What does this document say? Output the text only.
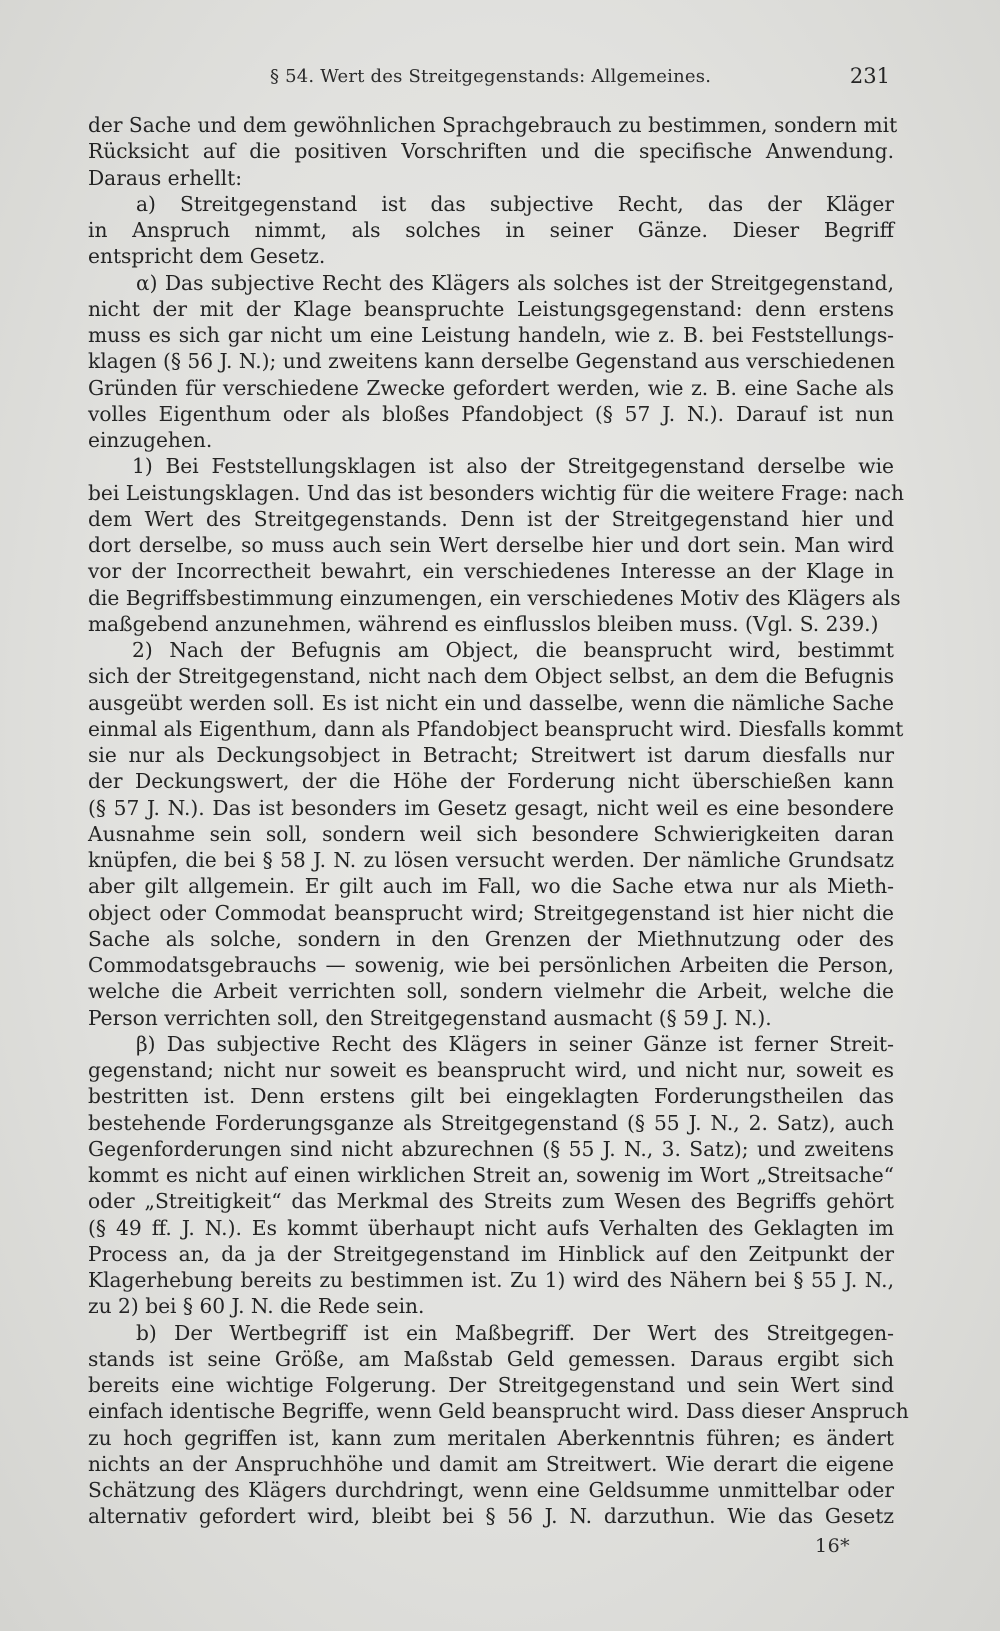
§ 54. Wert des Streitgegenstands: Allgemeines.	231
der Sache und dem gewöhnlichen Sprachgebrauch zu bestimmen, sondern mit
Rücksicht auf die positiven Vorschriften und die specifische Anwendung.
Daraus erhellt:
a) Streitgegenstand ist das subjective Recht, das der Kläger
in Anspruch nimmt, als solches in seiner Gänze. Dieser Begriff
entspricht dem Gesetz.
α) Das subjective Recht des Klägers als solches ist der Streitgegenstand,
nicht der mit der Klage beanspruchte Leistungsgegenstand: denn erstens
muss es sich gar nicht um eine Leistung handeln, wie z. B. bei Feststellungs-
klagen (§ 56 J. N.); und zweitens kann derselbe Gegenstand aus verschiedenen
Gründen für verschiedene Zwecke gefordert werden, wie z. B. eine Sache als
volles Eigenthum oder als bloßes Pfandobject (§ 57 J. N.). Darauf ist nun
einzugehen.
1) Bei Feststellungsklagen ist also der Streitgegenstand derselbe wie
bei Leistungsklagen. Und das ist besonders wichtig für die weitere Frage: nach
dem Wert des Streitgegenstands. Denn ist der Streitgegenstand hier und
dort derselbe, so muss auch sein Wert derselbe hier und dort sein. Man wird
vor der Incorrectheit bewahrt, ein verschiedenes Interesse an der Klage in
die Begriffsbestimmung einzumengen, ein verschiedenes Motiv des Klägers als
maßgebend anzunehmen, während es einflusslos bleiben muss. (Vgl. S. 239.)
2) Nach der Befugnis am Object, die beansprucht wird, bestimmt
sich der Streitgegenstand, nicht nach dem Object selbst, an dem die Befugnis
ausgeübt werden soll. Es ist nicht ein und dasselbe, wenn die nämliche Sache
einmal als Eigenthum, dann als Pfandobject beansprucht wird. Diesfalls kommt
sie nur als Deckungsobject in Betracht; Streitwert ist darum diesfalls nur
der Deckungswert, der die Höhe der Forderung nicht überschießen kann
(§ 57 J. N.). Das ist besonders im Gesetz gesagt, nicht weil es eine besondere
Ausnahme sein soll, sondern weil sich besondere Schwierigkeiten daran
knüpfen, die bei § 58 J. N. zu lösen versucht werden. Der nämliche Grundsatz
aber gilt allgemein. Er gilt auch im Fall, wo die Sache etwa nur als Mieth-
object oder Commodat beansprucht wird; Streitgegenstand ist hier nicht die
Sache als solche, sondern in den Grenzen der Miethnutzung oder des
Commodatsgebrauchs — sowenig, wie bei persönlichen Arbeiten die Person,
welche die Arbeit verrichten soll, sondern vielmehr die Arbeit, welche die
Person verrichten soll, den Streitgegenstand ausmacht (§ 59 J. N.).
β) Das subjective Recht des Klägers in seiner Gänze ist ferner Streit-
gegenstand; nicht nur soweit es beansprucht wird, und nicht nur, soweit es
bestritten ist. Denn erstens gilt bei eingeklagten Forderungstheilen das
bestehende Forderungsganze als Streitgegenstand (§ 55 J. N., 2. Satz), auch
Gegenforderungen sind nicht abzurechnen (§ 55 J. N., 3. Satz); und zweitens
kommt es nicht auf einen wirklichen Streit an, sowenig im Wort „Streitsache“
oder „Streitigkeit“ das Merkmal des Streits zum Wesen des Begriffs gehört
(§ 49 ff. J. N.). Es kommt überhaupt nicht aufs Verhalten des Geklagten im
Process an, da ja der Streitgegenstand im Hinblick auf den Zeitpunkt der
Klagerhebung bereits zu bestimmen ist. Zu 1) wird des Nähern bei § 55 J. N.,
zu 2) bei § 60 J. N. die Rede sein.
b) Der Wertbegriff ist ein Maßbegriff. Der Wert des Streitgegen-
stands ist seine Größe, am Maßstab Geld gemessen. Daraus ergibt sich
bereits eine wichtige Folgerung. Der Streitgegenstand und sein Wert sind
einfach identische Begriffe, wenn Geld beansprucht wird. Dass dieser Anspruch
zu hoch gegriffen ist, kann zum meritalen Aberkenntnis führen; es ändert
nichts an der Anspruchhöhe und damit am Streitwert. Wie derart die eigene
Schätzung des Klägers durchdringt, wenn eine Geldsumme unmittelbar oder
alternativ gefordert wird, bleibt bei § 56 J. N. darzuthun. Wie das Gesetz
16*
